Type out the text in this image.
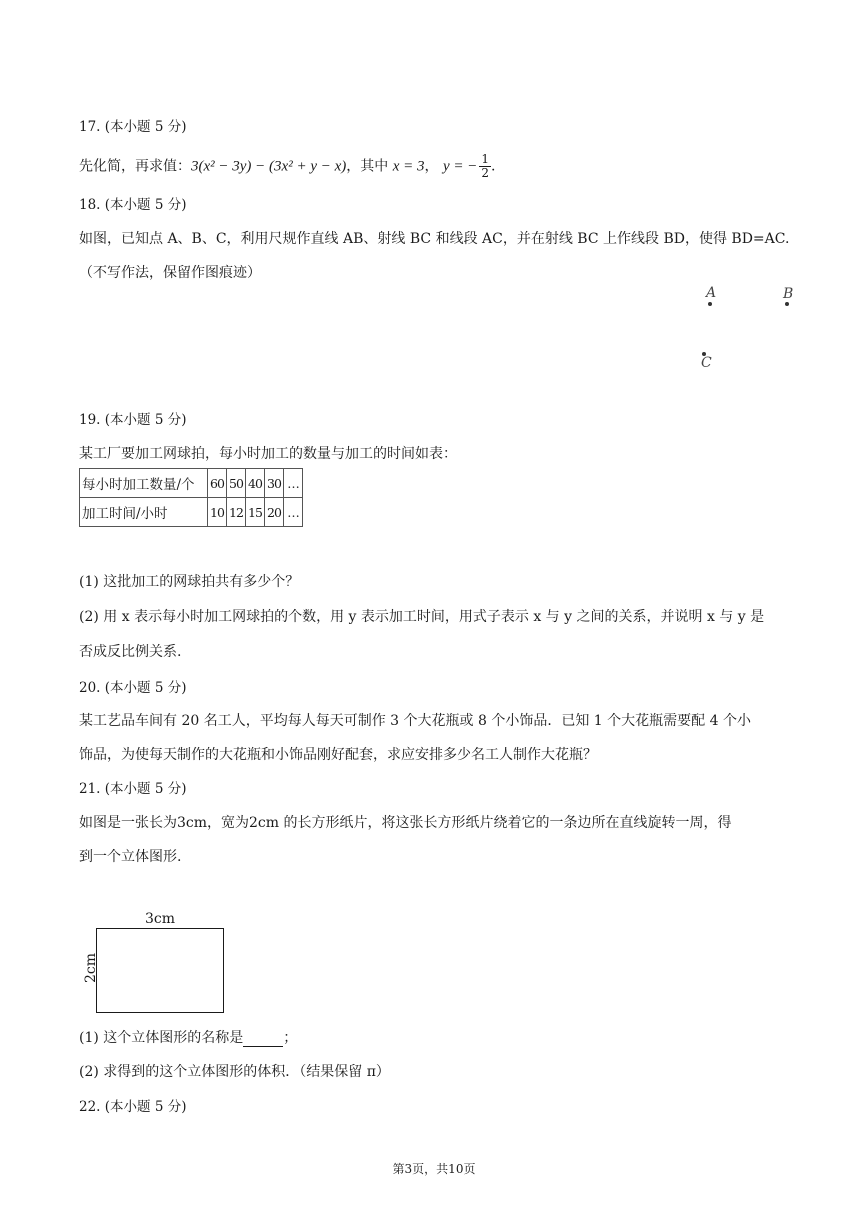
17. (本小题 5 分)
先化简，再求值：3(x² − 3y) − (3x² + y − x)，其中 x = 3， y = − $\frac{1}{2}$ .
18. (本小题 5 分)
如图，已知点 A、B、C，利用尺规作直线 AB、射线 BC 和线段 AC，并在射线 BC 上作线段 BD，使得 BD=AC.
（不写作法，保留作图痕迹）
A	B
C
19. (本小题 5 分)
某工厂要加工网球拍，每小时加工的数量与加工的时间如表：
每小时加工数量/个	60	50	40	30	…
加工时间/小时	10	12	15	20	…
(1) 这批加工的网球拍共有多少个？
(2) 用 x 表示每小时加工网球拍的个数，用 y 表示加工时间，用式子表示 x 与 y 之间的关系，并说明 x 与 y 是
否成反比例关系.
20. (本小题 5 分)
某工艺品车间有 20 名工人，平均每人每天可制作 3 个大花瓶或 8 个小饰品．已知 1 个大花瓶需要配 4 个小
饰品，为使每天制作的大花瓶和小饰品刚好配套，求应安排多少名工人制作大花瓶？
21. (本小题 5 分)
如图是一张长为3cm，宽为2cm 的长方形纸片，将这张长方形纸片绕着它的一条边所在直线旋转一周，得
到一个立体图形.
3cm
2cm
(1) 这个立体图形的名称是	；
(2) 求得到的这个立体图形的体积．（结果保留 π）
22. (本小题 5 分)
第3页，共10页
